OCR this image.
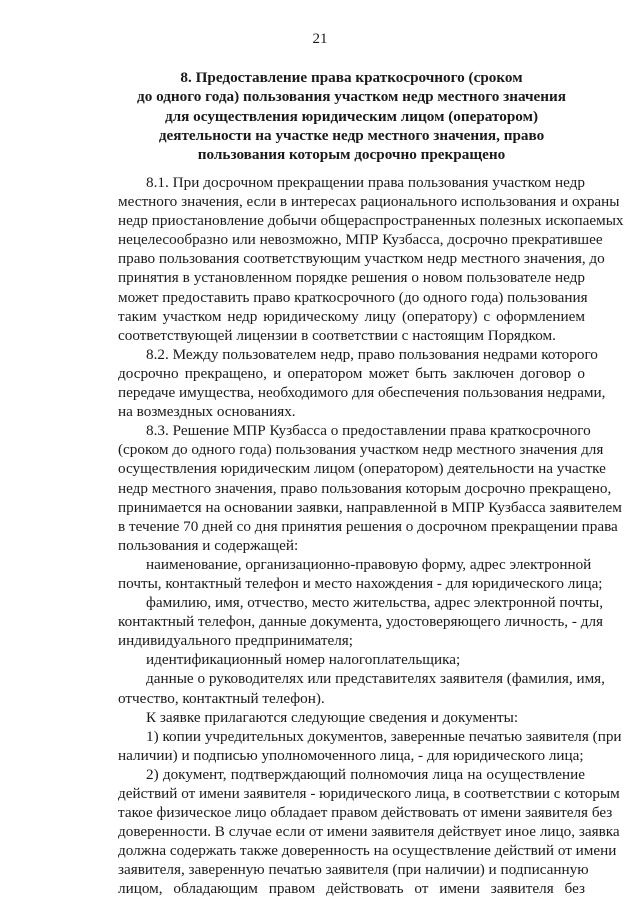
21
8. Предоставление права краткосрочного (сроком
до одного года) пользования участком недр местного значения
для осуществления юридическим лицом (оператором)
деятельности на участке недр местного значения, право
пользования которым досрочно прекращено

8.1. При досрочном прекращении права пользования участком недр
местного значения, если в интересах рационального использования и охраны
недр приостановление добычи общераспространенных полезных ископаемых
нецелесообразно или невозможно, МПР Кузбасса, досрочно прекратившее
право пользования соответствующим участком недр местного значения, до
принятия в установленном порядке решения о новом пользователе недр
может предоставить право краткосрочного (до одного года) пользования
таким участком недр юридическому лицу (оператору) с оформлением
соответствующей лицензии в соответствии с настоящим Порядком.

8.2. Между пользователем недр, право пользования недрами которого
досрочно прекращено, и оператором может быть заключен договор о
передаче имущества, необходимого для обеспечения пользования недрами,
на возмездных основаниях.

8.3. Решение МПР Кузбасса о предоставлении права краткосрочного
(сроком до одного года) пользования участком недр местного значения для
осуществления юридическим лицом (оператором) деятельности на участке
недр местного значения, право пользования которым досрочно прекращено,
принимается на основании заявки, направленной в МПР Кузбасса заявителем
в течение 70 дней со дня принятия решения о досрочном прекращении права
пользования и содержащей:

наименование, организационно-правовую форму, адрес электронной
почты, контактный телефон и место нахождения - для юридического лица;

фамилию, имя, отчество, место жительства, адрес электронной почты,
контактный телефон, данные документа, удостоверяющего личность, - для
индивидуального предпринимателя;

идентификационный номер налогоплательщика;

данные о руководителях или представителях заявителя (фамилия, имя,
отчество, контактный телефон).

К заявке прилагаются следующие сведения и документы:

1) копии учредительных документов, заверенные печатью заявителя (при
наличии) и подписью уполномоченного лица, - для юридического лица;

2) документ, подтверждающий полномочия лица на осуществление
действий от имени заявителя - юридического лица, в соответствии с которым
такое физическое лицо обладает правом действовать от имени заявителя без
доверенности. В случае если от имени заявителя действует иное лицо, заявка
должна содержать также доверенность на осуществление действий от имени
заявителя, заверенную печатью заявителя (при наличии) и подписанную
лицом, обладающим правом действовать от имени заявителя без
